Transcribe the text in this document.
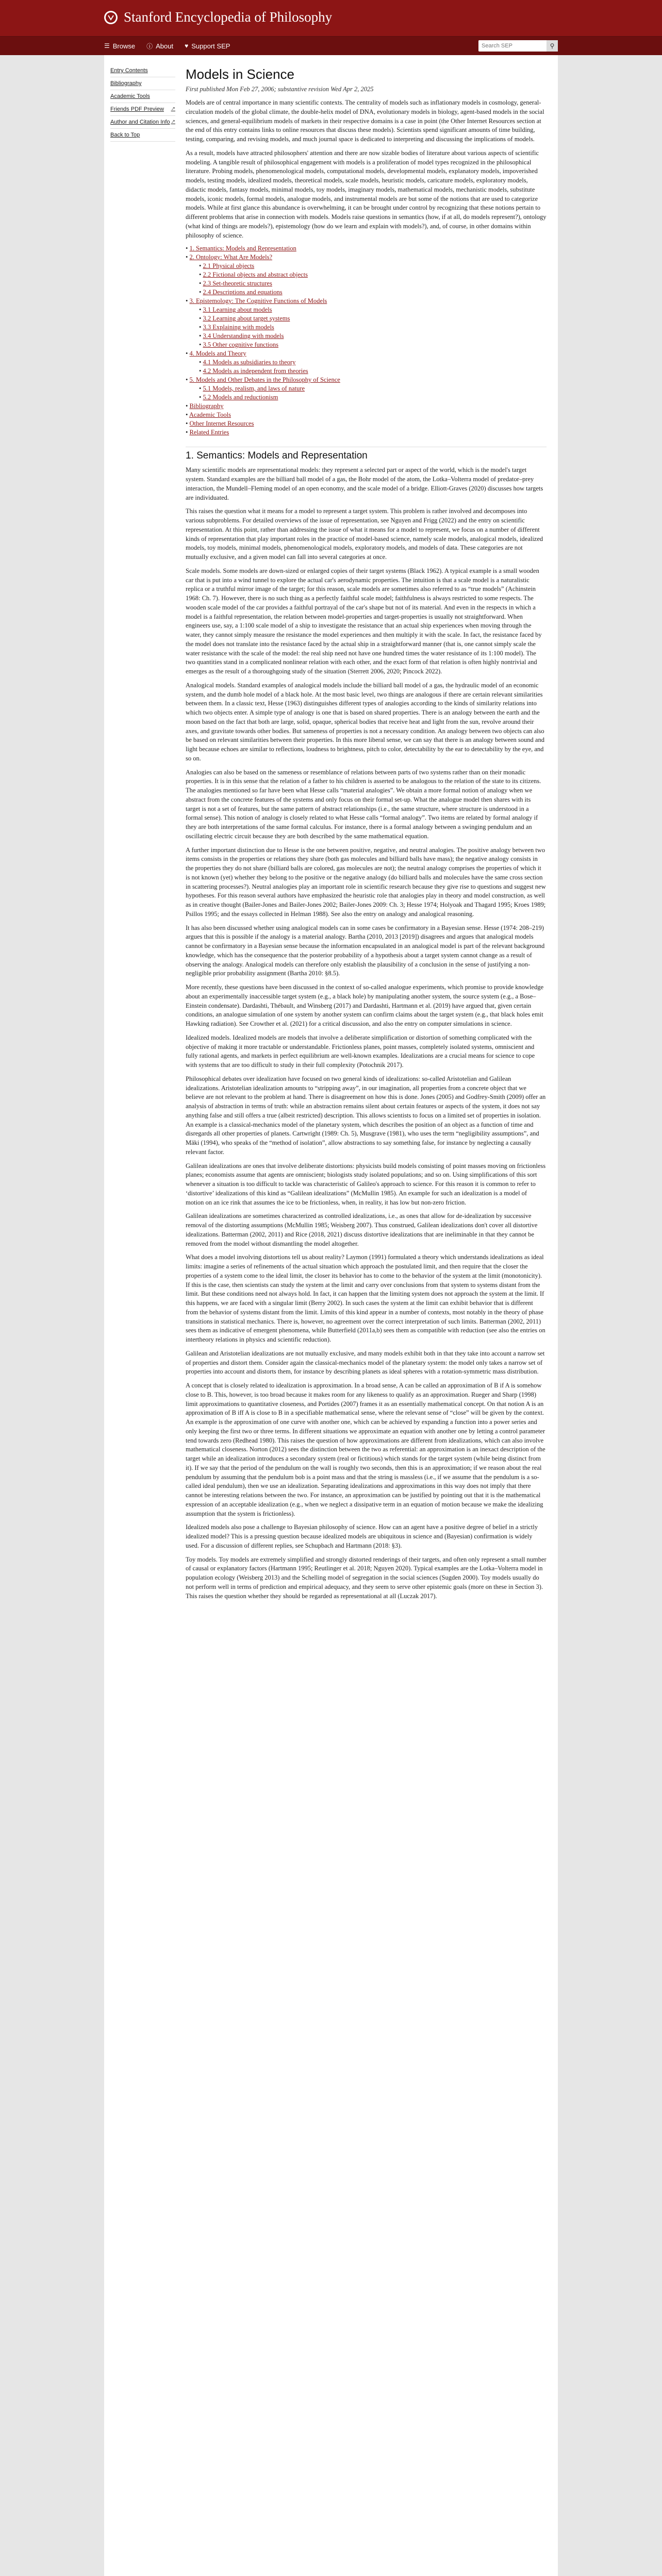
Stanford Encyclopedia of Philosophy
☰ Browse ⓘ About ♥ Support SEP
Search SEP	⚲
Entry Contents
Bibliography
Academic Tools
Friends PDF Preview ↗
Author and Citation Info ↗
Back to Top
Models in Science
First published Mon Feb 27, 2006; substantive revision Wed Apr 2, 2025

Models are of central importance in many scientific contexts. The centrality of models such as inflationary models in cosmology, general-circulation models of the global climate, the double-helix model of DNA, evolutionary models in biology, agent-based models in the social sciences, and general-equilibrium models of markets in their respective domains is a case in point (the Other Internet Resources section at the end of this entry contains links to online resources that discuss these models). Scientists spend significant amounts of time building, testing, comparing, and revising models, and much journal space is dedicated to interpreting and discussing the implications of models.

As a result, models have attracted philosophers' attention and there are now sizable bodies of literature about various aspects of scientific modeling. A tangible result of philosophical engagement with models is a proliferation of model types recognized in the philosophical literature. Probing models, phenomenological models, computational models, developmental models, explanatory models, impoverished models, testing models, idealized models, theoretical models, scale models, heuristic models, caricature models, exploratory models, didactic models, fantasy models, minimal models, toy models, imaginary models, mathematical models, mechanistic models, substitute models, iconic models, formal models, analogue models, and instrumental models are but some of the notions that are used to categorize models. While at first glance this abundance is overwhelming, it can be brought under control by recognizing that these notions pertain to different problems that arise in connection with models. Models raise questions in semantics (how, if at all, do models represent?), ontology (what kind of things are models?), epistemology (how do we learn and explain with models?), and, of course, in other domains within philosophy of science.

• 1. Semantics: Models and Representation
• 2. Ontology: What Are Models?
• 2.1 Physical objects
• 2.2 Fictional objects and abstract objects
• 2.3 Set-theoretic structures
• 2.4 Descriptions and equations
• 3. Epistemology: The Cognitive Functions of Models
• 3.1 Learning about models
• 3.2 Learning about target systems
• 3.3 Explaining with models
• 3.4 Understanding with models
• 3.5 Other cognitive functions
• 4. Models and Theory
• 4.1 Models as subsidiaries to theory
• 4.2 Models as independent from theories
• 5. Models and Other Debates in the Philosophy of Science
• 5.1 Models, realism, and laws of nature
• 5.2 Models and reductionism
• Bibliography
• Academic Tools
• Other Internet Resources
• Related Entries
1. Semantics: Models and Representation

Many scientific models are representational models: they represent a selected part or aspect of the world, which is the model's target system. Standard examples are the billiard ball model of a gas, the Bohr model of the atom, the Lotka–Volterra model of predator–prey interaction, the Mundell–Fleming model of an open economy, and the scale model of a bridge. Elliott-Graves (2020) discusses how targets are individuated.

This raises the question what it means for a model to represent a target system. This problem is rather involved and decomposes into various subproblems. For detailed overviews of the issue of representation, see Nguyen and Frigg (2022) and the entry on scientific representation. At this point, rather than addressing the issue of what it means for a model to represent, we focus on a number of different kinds of representation that play important roles in the practice of model-based science, namely scale models, analogical models, idealized models, toy models, minimal models, phenomenological models, exploratory models, and models of data. These categories are not mutually exclusive, and a given model can fall into several categories at once.

Scale models. Some models are down-sized or enlarged copies of their target systems (Black 1962). A typical example is a small wooden car that is put into a wind tunnel to explore the actual car's aerodynamic properties. The intuition is that a scale model is a naturalistic replica or a truthful mirror image of the target; for this reason, scale models are sometimes also referred to as “true models” (Achinstein 1968: Ch. 7). However, there is no such thing as a perfectly faithful scale model; faithfulness is always restricted to some respects. The wooden scale model of the car provides a faithful portrayal of the car's shape but not of its material. And even in the respects in which a model is a faithful representation, the relation between model-properties and target-properties is usually not straightforward. When engineers use, say, a 1:100 scale model of a ship to investigate the resistance that an actual ship experiences when moving through the water, they cannot simply measure the resistance the model experiences and then multiply it with the scale. In fact, the resistance faced by the model does not translate into the resistance faced by the actual ship in a straightforward manner (that is, one cannot simply scale the water resistance with the scale of the model: the real ship need not have one hundred times the water resistance of its 1:100 model). The two quantities stand in a complicated nonlinear relation with each other, and the exact form of that relation is often highly nontrivial and emerges as the result of a thoroughgoing study of the situation (Sterrett 2006, 2020; Pincock 2022).

Analogical models. Standard examples of analogical models include the billiard ball model of a gas, the hydraulic model of an economic system, and the dumb hole model of a black hole. At the most basic level, two things are analogous if there are certain relevant similarities between them. In a classic text, Hesse (1963) distinguishes different types of analogies according to the kinds of similarity relations into which two objects enter. A simple type of analogy is one that is based on shared properties. There is an analogy between the earth and the moon based on the fact that both are large, solid, opaque, spherical bodies that receive heat and light from the sun, revolve around their axes, and gravitate towards other bodies. But sameness of properties is not a necessary condition. An analogy between two objects can also be based on relevant similarities between their properties. In this more liberal sense, we can say that there is an analogy between sound and light because echoes are similar to reflections, loudness to brightness, pitch to color, detectability by the ear to detectability by the eye, and so on.

Analogies can also be based on the sameness or resemblance of relations between parts of two systems rather than on their monadic properties. It is in this sense that the relation of a father to his children is asserted to be analogous to the relation of the state to its citizens. The analogies mentioned so far have been what Hesse calls “material analogies”. We obtain a more formal notion of analogy when we abstract from the concrete features of the systems and only focus on their formal set-up. What the analogue model then shares with its target is not a set of features, but the same pattern of abstract relationships (i.e., the same structure, where structure is understood in a formal sense). This notion of analogy is closely related to what Hesse calls “formal analogy”. Two items are related by formal analogy if they are both interpretations of the same formal calculus. For instance, there is a formal analogy between a swinging pendulum and an oscillating electric circuit because they are both described by the same mathematical equation.

A further important distinction due to Hesse is the one between positive, negative, and neutral analogies. The positive analogy between two items consists in the properties or relations they share (both gas molecules and billiard balls have mass); the negative analogy consists in the properties they do not share (billiard balls are colored, gas molecules are not); the neutral analogy comprises the properties of which it is not known (yet) whether they belong to the positive or the negative analogy (do billiard balls and molecules have the same cross section in scattering processes?). Neutral analogies play an important role in scientific research because they give rise to questions and suggest new hypotheses. For this reason several authors have emphasized the heuristic role that analogies play in theory and model construction, as well as in creative thought (Bailer-Jones and Bailer-Jones 2002; Bailer-Jones 2009: Ch. 3; Hesse 1974; Holyoak and Thagard 1995; Kroes 1989; Psillos 1995; and the essays collected in Helman 1988). See also the entry on analogy and analogical reasoning.

It has also been discussed whether using analogical models can in some cases be confirmatory in a Bayesian sense. Hesse (1974: 208–219) argues that this is possible if the analogy is a material analogy. Bartha (2010, 2013 [2019]) disagrees and argues that analogical models cannot be confirmatory in a Bayesian sense because the information encapsulated in an analogical model is part of the relevant background knowledge, which has the consequence that the posterior probability of a hypothesis about a target system cannot change as a result of observing the analogy. Analogical models can therefore only establish the plausibility of a conclusion in the sense of justifying a non-negligible prior probability assignment (Bartha 2010: §8.5).

More recently, these questions have been discussed in the context of so-called analogue experiments, which promise to provide knowledge about an experimentally inaccessible target system (e.g., a black hole) by manipulating another system, the source system (e.g., a Bose–Einstein condensate). Dardashti, Thébault, and Winsberg (2017) and Dardashti, Hartmann et al. (2019) have argued that, given certain conditions, an analogue simulation of one system by another system can confirm claims about the target system (e.g., that black holes emit Hawking radiation). See Crowther et al. (2021) for a critical discussion, and also the entry on computer simulations in science.

Idealized models. Idealized models are models that involve a deliberate simplification or distortion of something complicated with the objective of making it more tractable or understandable. Frictionless planes, point masses, completely isolated systems, omniscient and fully rational agents, and markets in perfect equilibrium are well-known examples. Idealizations are a crucial means for science to cope with systems that are too difficult to study in their full complexity (Potochnik 2017).

Philosophical debates over idealization have focused on two general kinds of idealizations: so-called Aristotelian and Galilean idealizations. Aristotelian idealization amounts to “stripping away”, in our imagination, all properties from a concrete object that we believe are not relevant to the problem at hand. There is disagreement on how this is done. Jones (2005) and Godfrey-Smith (2009) offer an analysis of abstraction in terms of truth: while an abstraction remains silent about certain features or aspects of the system, it does not say anything false and still offers a true (albeit restricted) description. This allows scientists to focus on a limited set of properties in isolation. An example is a classical-mechanics model of the planetary system, which describes the position of an object as a function of time and disregards all other properties of planets. Cartwright (1989: Ch. 5), Musgrave (1981), who uses the term “negligibility assumptions”, and Mäki (1994), who speaks of the “method of isolation”, allow abstractions to say something false, for instance by neglecting a causally relevant factor.

Galilean idealizations are ones that involve deliberate distortions: physicists build models consisting of point masses moving on frictionless planes; economists assume that agents are omniscient; biologists study isolated populations; and so on. Using simplifications of this sort whenever a situation is too difficult to tackle was characteristic of Galileo's approach to science. For this reason it is common to refer to ‘distortive’ idealizations of this kind as “Galilean idealizations” (McMullin 1985). An example for such an idealization is a model of motion on an ice rink that assumes the ice to be frictionless, when, in reality, it has low but non-zero friction.

Galilean idealizations are sometimes characterized as controlled idealizations, i.e., as ones that allow for de-idealization by successive removal of the distorting assumptions (McMullin 1985; Weisberg 2007). Thus construed, Galilean idealizations don't cover all distortive idealizations. Batterman (2002, 2011) and Rice (2018, 2021) discuss distortive idealizations that are ineliminable in that they cannot be removed from the model without dismantling the model altogether.

What does a model involving distortions tell us about reality? Laymon (1991) formulated a theory which understands idealizations as ideal limits: imagine a series of refinements of the actual situation which approach the postulated limit, and then require that the closer the properties of a system come to the ideal limit, the closer its behavior has to come to the behavior of the system at the limit (monotonicity). If this is the case, then scientists can study the system at the limit and carry over conclusions from that system to systems distant from the limit. But these conditions need not always hold. In fact, it can happen that the limiting system does not approach the system at the limit. If this happens, we are faced with a singular limit (Berry 2002). In such cases the system at the limit can exhibit behavior that is different from the behavior of systems distant from the limit. Limits of this kind appear in a number of contexts, most notably in the theory of phase transitions in statistical mechanics. There is, however, no agreement over the correct interpretation of such limits. Batterman (2002, 2011) sees them as indicative of emergent phenomena, while Butterfield (2011a,b) sees them as compatible with reduction (see also the entries on intertheory relations in physics and scientific reduction).

Galilean and Aristotelian idealizations are not mutually exclusive, and many models exhibit both in that they take into account a narrow set of properties and distort them. Consider again the classical-mechanics model of the planetary system: the model only takes a narrow set of properties into account and distorts them, for instance by describing planets as ideal spheres with a rotation-symmetric mass distribution.

A concept that is closely related to idealization is approximation. In a broad sense, A can be called an approximation of B if A is somehow close to B. This, however, is too broad because it makes room for any likeness to qualify as an approximation. Rueger and Sharp (1998) limit approximations to quantitative closeness, and Portides (2007) frames it as an essentially mathematical concept. On that notion A is an approximation of B iff A is close to B in a specifiable mathematical sense, where the relevant sense of “close” will be given by the context. An example is the approximation of one curve with another one, which can be achieved by expanding a function into a power series and only keeping the first two or three terms. In different situations we approximate an equation with another one by letting a control parameter tend towards zero (Redhead 1980). This raises the question of how approximations are different from idealizations, which can also involve mathematical closeness. Norton (2012) sees the distinction between the two as referential: an approximation is an inexact description of the target while an idealization introduces a secondary system (real or fictitious) which stands for the target system (while being distinct from it). If we say that the period of the pendulum on the wall is roughly two seconds, then this is an approximation; if we reason about the real pendulum by assuming that the pendulum bob is a point mass and that the string is massless (i.e., if we assume that the pendulum is a so-called ideal pendulum), then we use an idealization. Separating idealizations and approximations in this way does not imply that there cannot be interesting relations between the two. For instance, an approximation can be justified by pointing out that it is the mathematical expression of an acceptable idealization (e.g., when we neglect a dissipative term in an equation of motion because we make the idealizing assumption that the system is frictionless).

Idealized models also pose a challenge to Bayesian philosophy of science. How can an agent have a positive degree of belief in a strictly idealized model? This is a pressing question because idealized models are ubiquitous in science and (Bayesian) confirmation is widely used. For a discussion of different replies, see Schupbach and Hartmann (2018: §3).

Toy models. Toy models are extremely simplified and strongly distorted renderings of their targets, and often only represent a small number of causal or explanatory factors (Hartmann 1995; Reutlinger et al. 2018; Nguyen 2020). Typical examples are the Lotka–Volterra model in population ecology (Weisberg 2013) and the Schelling model of segregation in the social sciences (Sugden 2000). Toy models usually do not perform well in terms of prediction and empirical adequacy, and they seem to serve other epistemic goals (more on these in Section 3). This raises the question whether they should be regarded as representational at all (Luczak 2017).
